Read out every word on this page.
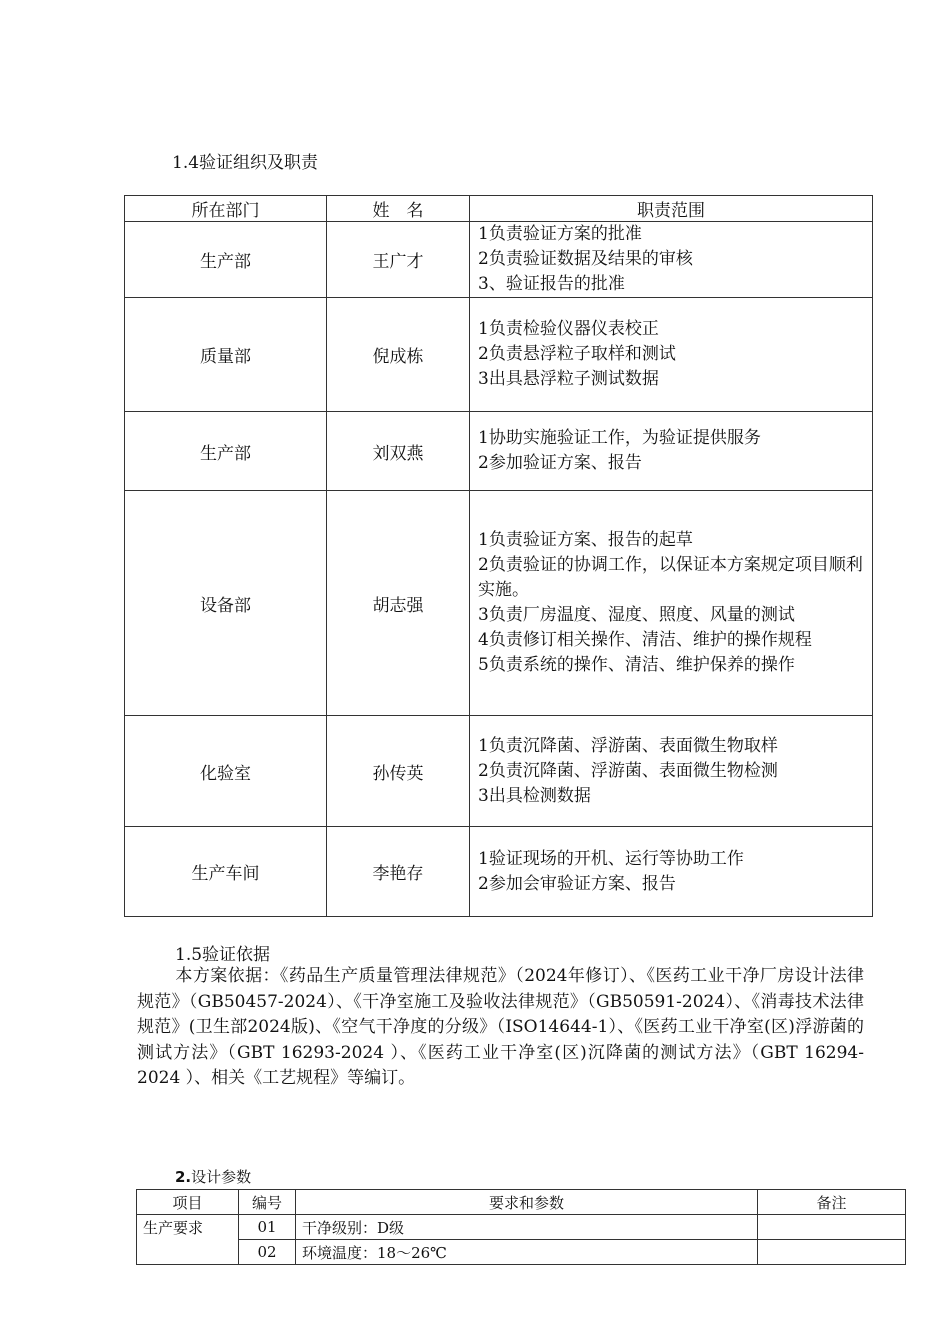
1.4验证组织及职责
所在部门	姓　名	职责范围
生产部	王广才	1负责验证方案的批准
2负责验证数据及结果的审核
3、验证报告的批准

质量部	倪成栋	1负责检验仪器仪表校正
2负责悬浮粒子取样和测试
3出具悬浮粒子测试数据

生产部	刘双燕	1协助实施验证工作，为验证提供服务
2参加验证方案、报告

设备部	胡志强	1负责验证方案、报告的起草
2负责验证的协调工作，以保证本方案规定项目顺利实施。
3负责厂房温度、湿度、照度、风量的测试
4负责修订相关操作、清洁、维护的操作规程
5负责系统的操作、清洁、维护保养的操作

化验室	孙传英	1负责沉降菌、浮游菌、表面微生物取样
2负责沉降菌、浮游菌、表面微生物检测
3出具检测数据

生产车间	李艳存	1验证现场的开机、运行等协助工作
2参加会审验证方案、报告
1.5验证依据
本方案依据：《药品生产质量管理法律规范》（2024年修订）、《医药工业干净厂房设计法律规范》（GB50457-2024）、《干净室施工及验收法律规范》（GB50591-2024）、《消毒技术法律规范》(卫生部2024版)、《空气干净度的分级》（ISO14644-1）、《医药工业干净室(区)浮游菌的测试方法》（GBT 16293-2024 ）、《医药工业干净室(区)沉降菌的测试方法》（GBT 16294-2024 ）、相关《工艺规程》等编订。
2.设计参数
项目	编号	要求和参数	备注
生产要求	01	干净级别：D级	
	02	环境温度：18～26℃	
